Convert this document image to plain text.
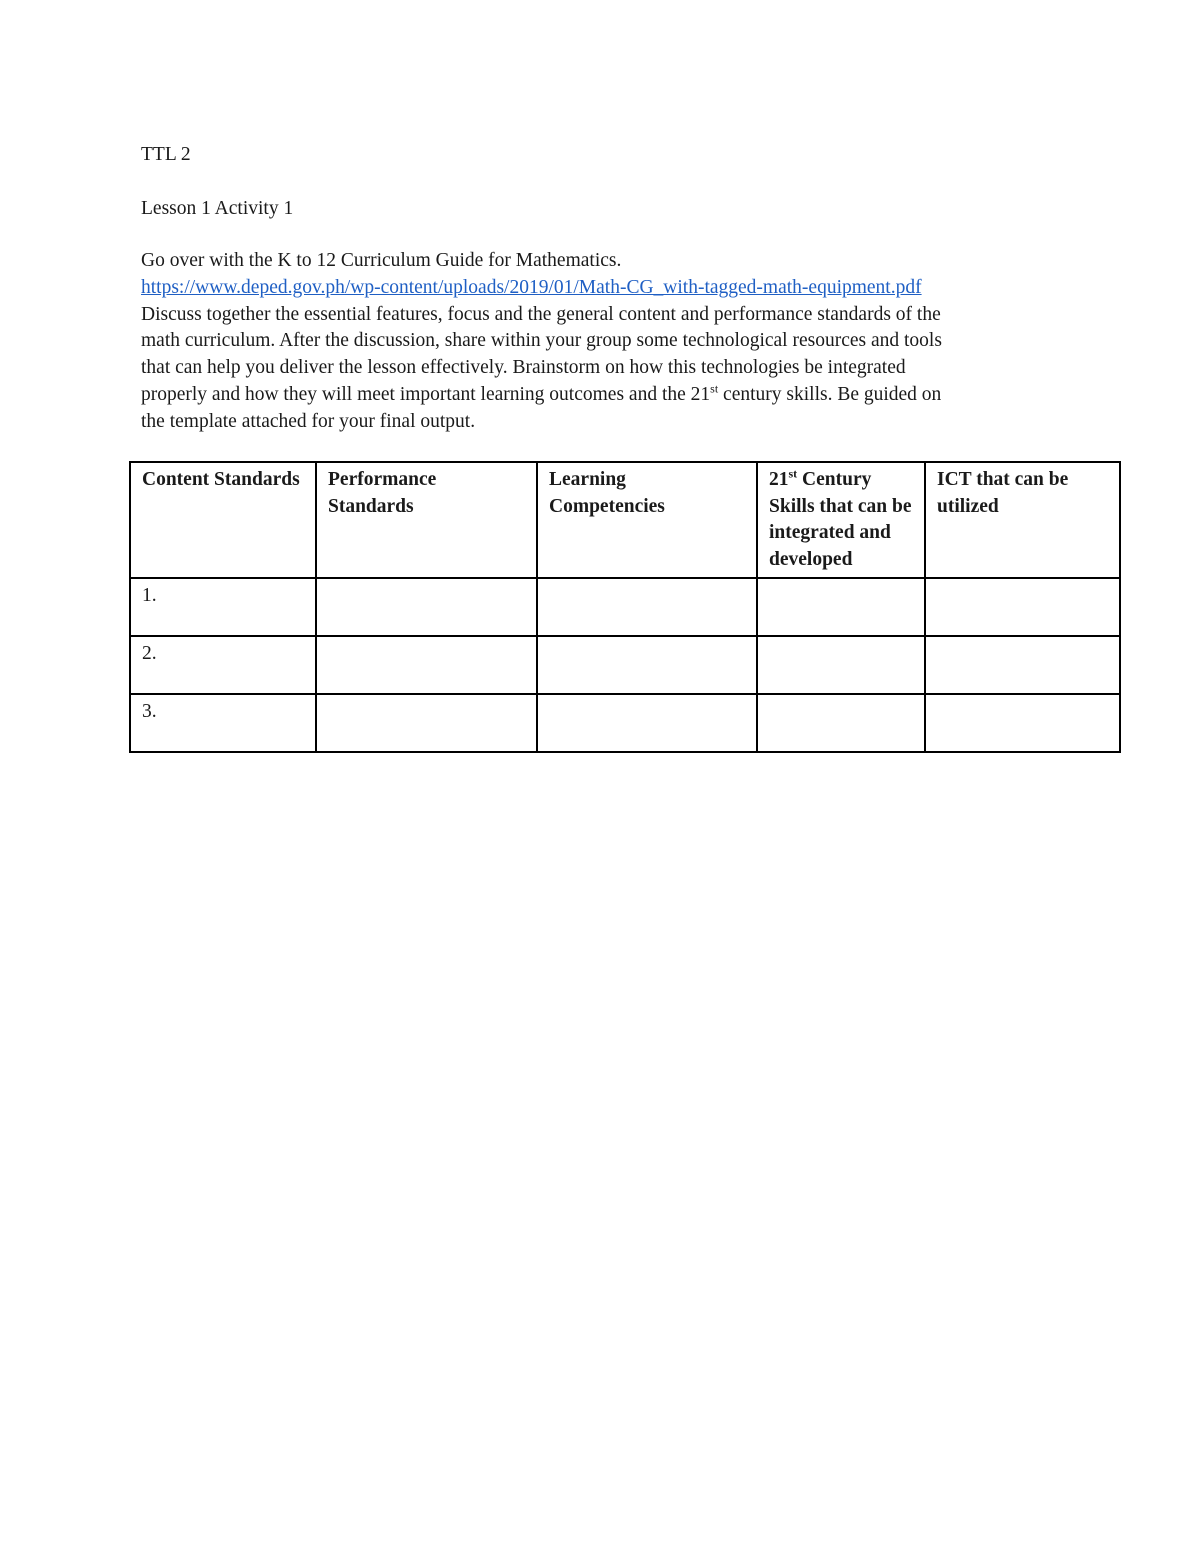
TTL 2
Lesson 1 Activity 1
Go over with the K to 12 Curriculum Guide for Mathematics.
https://www.deped.gov.ph/wp-content/uploads/2019/01/Math-CG_with-tagged-math-equipment.pdf
Discuss together the essential features, focus and the general content and performance standards of the
math curriculum. After the discussion, share within your group some technological resources and tools
that can help you deliver the lesson effectively. Brainstorm on how this technologies be integrated
properly and how they will meet important learning outcomes and the 21st century skills. Be guided on
the template attached for your final output.
Content Standards	Performance Standards	Learning Competencies	21st Century Skills that can be integrated and developed	ICT that can be utilized
1.				
2.				
3.				
